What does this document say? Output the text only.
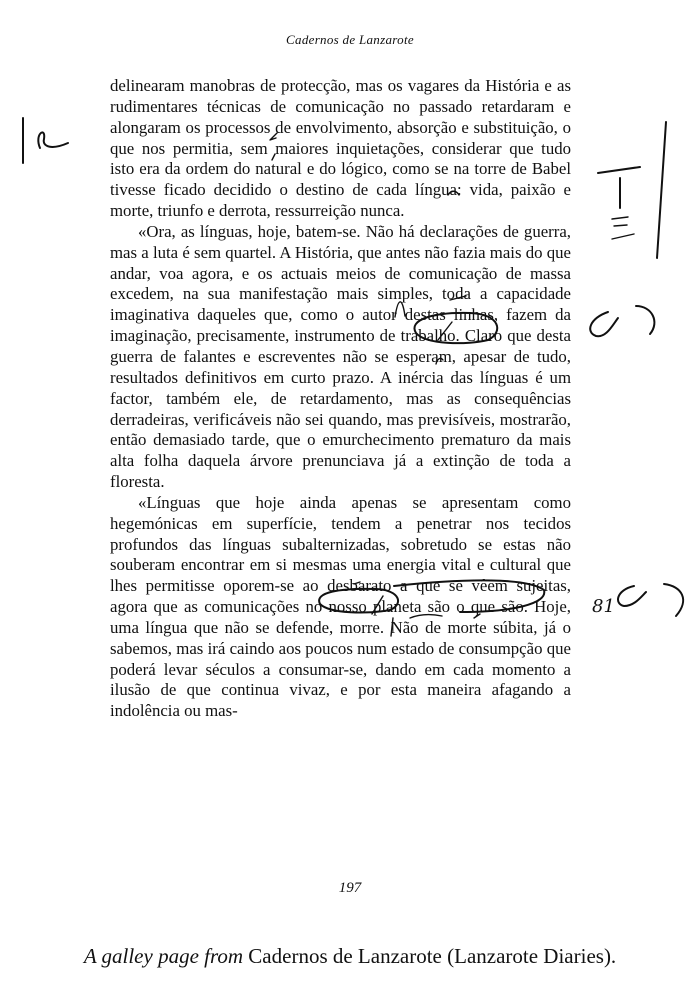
Cadernos de Lanzarote

delinearam manobras de protecção, mas os vagares da História e as rudimentares técnicas de comunicação no passado retardaram e alongaram os processos de envolvimento, absorção e substituição, o que nos permitia, sem maiores inquietações, considerar que tudo isto era da ordem do natural e do lógico, como se na torre de Babel tivesse ficado decidido o destino de cada língua: vida, paixão e morte, triunfo e derrota, ressurreição nunca.

«Ora, as línguas, hoje, batem-se. Não há declarações de guerra, mas a luta é sem quartel. A História, que antes não fazia mais do que andar, voa agora, e os actuais meios de comunicação de massa excedem, na sua manifestação mais simples, toda a capacidade imaginativa daqueles que, como o autor destas linhas, fazem da imaginação, precisamente, instrumento de trabalho. Claro que desta guerra de falantes e escreventes não se esperam, apesar de tudo, resultados definitivos em curto prazo. A inércia das línguas é um factor, também ele, de retardamento, mas as consequências derradeiras, verificáveis não sei quando, mas previsíveis, mostrarão, então demasiado tarde, que o emurchecimento prematuro da mais alta folha daquela árvore prenunciava já a extinção de toda a floresta.

«Línguas que hoje ainda apenas se apresentam como hegemónicas em superfície, tendem a penetrar nos tecidos profundos das línguas subalternizadas, sobretudo se estas não souberam encontrar em si mesmas uma energia vital e cultural que lhes permitisse oporem-se ao desbarato a que se vêem sujeitas, agora que as comunicações no nosso planeta são o que são. Hoje, uma língua que não se defende, morre. Não de morte súbita, já o sabemos, mas irá caindo aos poucos num estado de consumpção que poderá levar séculos a consumar-se, dando em cada momento a ilusão de que continua vivaz, e por esta maneira afagando a indolência ou mas-

197
A galley page from Cadernos de Lanzarote (Lanzarote Diaries).
81
